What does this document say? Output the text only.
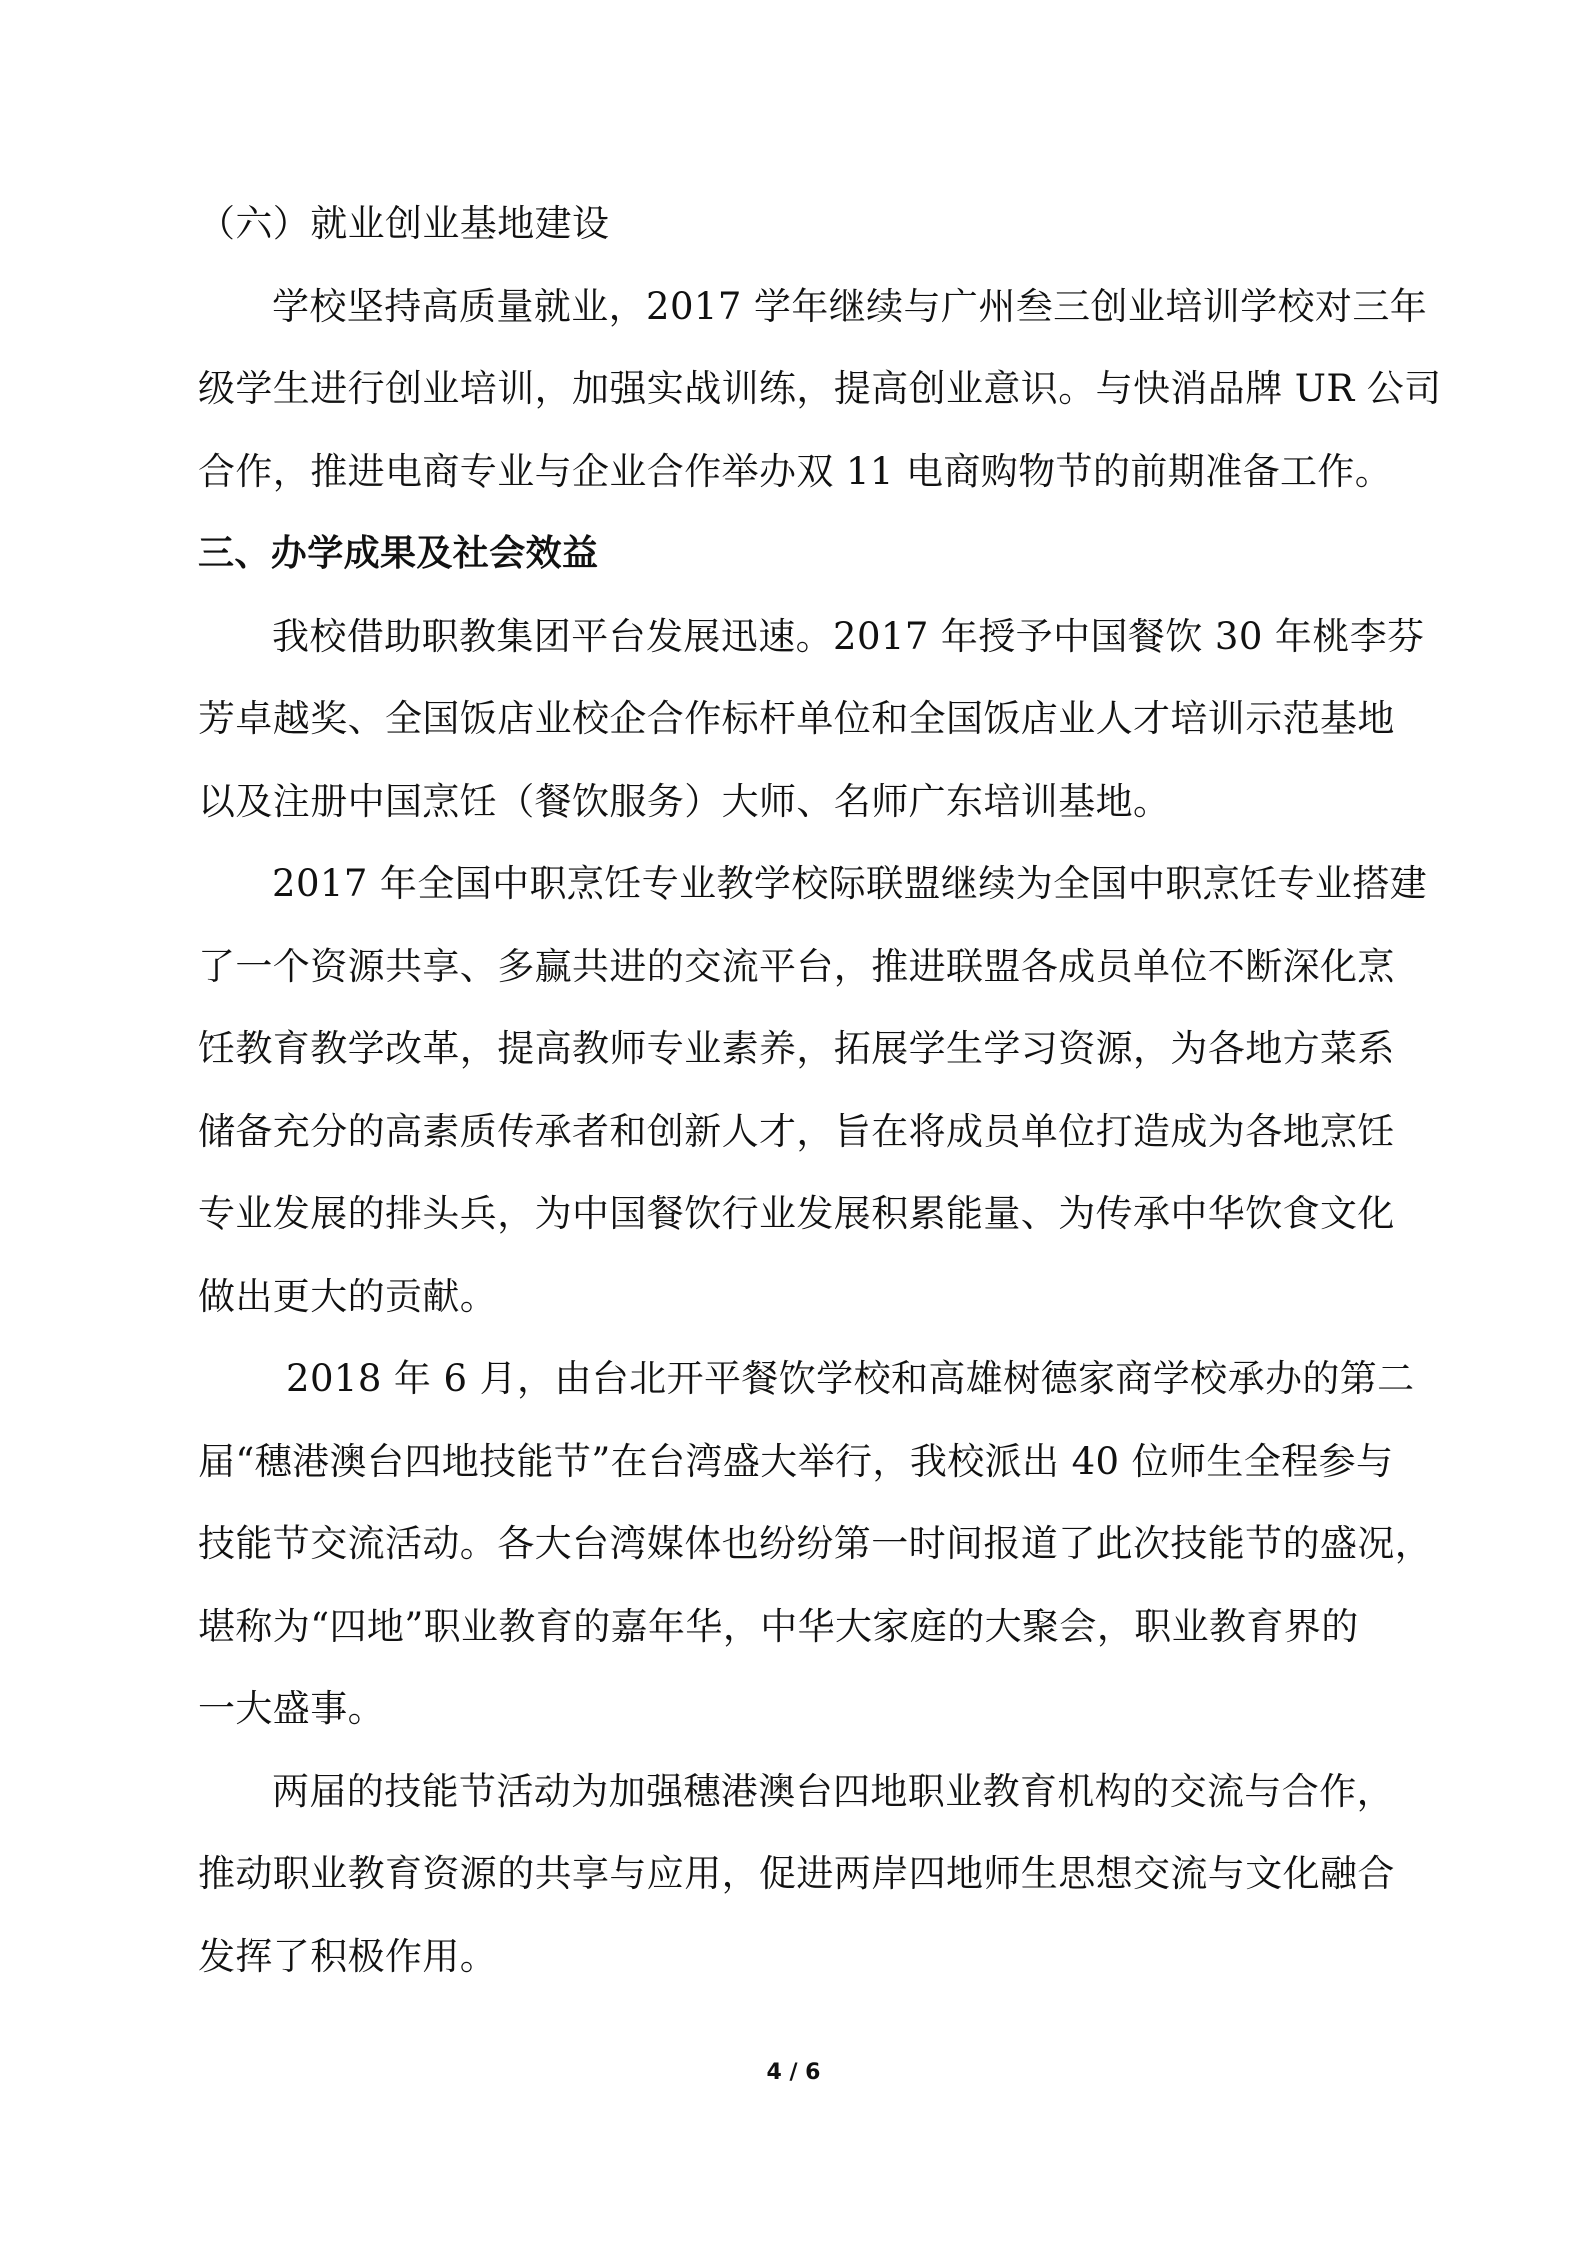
（六）就业创业基地建设
学校坚持高质量就业，2017 学年继续与广州叁三创业培训学校对三年
级学生进行创业培训，加强实战训练，提高创业意识。与快消品牌 UR 公司
合作，推进电商专业与企业合作举办双 11 电商购物节的前期准备工作。
三、办学成果及社会效益
我校借助职教集团平台发展迅速。2017 年授予中国餐饮 30 年桃李芬
芳卓越奖、全国饭店业校企合作标杆单位和全国饭店业人才培训示范基地
以及注册中国烹饪（餐饮服务）大师、名师广东培训基地。
2017 年全国中职烹饪专业教学校际联盟继续为全国中职烹饪专业搭建
了一个资源共享、多赢共进的交流平台，推进联盟各成员单位不断深化烹
饪教育教学改革，提高教师专业素养，拓展学生学习资源，为各地方菜系
储备充分的高素质传承者和创新人才，旨在将成员单位打造成为各地烹饪
专业发展的排头兵，为中国餐饮行业发展积累能量、为传承中华饮食文化
做出更大的贡献。
2018 年 6 月，由台北开平餐饮学校和高雄树德家商学校承办的第二
届“穗港澳台四地技能节”在台湾盛大举行，我校派出 40 位师生全程参与
技能节交流活动。各大台湾媒体也纷纷第一时间报道了此次技能节的盛况，
堪称为“四地”职业教育的嘉年华，中华大家庭的大聚会，职业教育界的
一大盛事。
两届的技能节活动为加强穗港澳台四地职业教育机构的交流与合作，
推动职业教育资源的共享与应用，促进两岸四地师生思想交流与文化融合
发挥了积极作用。
4 / 6
